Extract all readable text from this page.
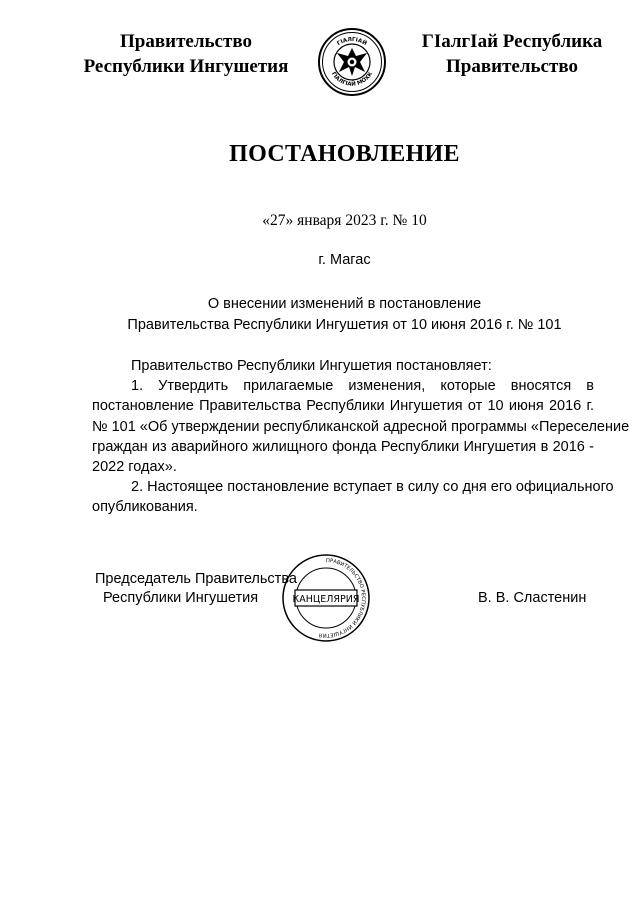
Правительство
Республики Ингушетия
ГIАЛГIАЙ
ГIАЛГIАЙ МОХК
ГIалгIай Республика
Правительство
ПОСТАНОВЛЕНИЕ
«27» января 2023 г. № 10
г. Магас
О внесении изменений в постановление
Правительства Республики Ингушетия от 10 июня 2016 г. № 101
Правительство Республики Ингушетия постановляет:
1. Утвердить прилагаемые изменения, которые вносятся в
постановление Правительства Республики Ингушетия от 10 июня 2016 г.
№ 101 «Об утверждении республиканской адресной программы «Переселение
граждан из аварийного жилищного фонда Республики Ингушетия в 2016 -
2022 годах».
2. Настоящее постановление вступает в силу со дня его официального
опубликования.
Председатель Правительства
Республики Ингушетия	В. В. Сластенин
ПРАВИТЕЛЬСТВО РЕСПУБЛИКИ ИНГУШЕТИЯ
КАНЦЕЛЯРИЯ
